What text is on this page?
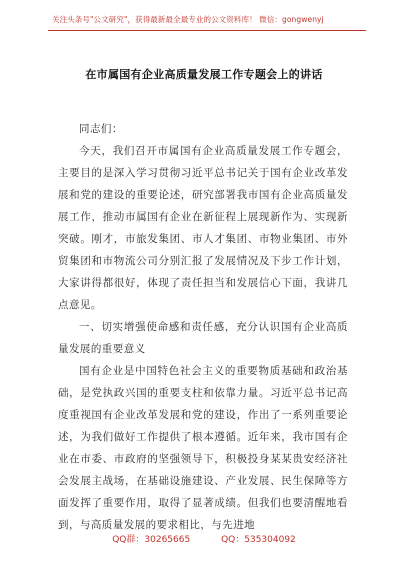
关注头条号"公文研究"，获得最新最全最专业的公文资料库！ 微信：gongwenyj
在市属国有企业高质量发展工作专题会上的讲话

同志们：

今天，我们召开市属国有企业高质量发展工作专题会，主要目的是深入学习贯彻习近平总书记关于国有企业改革发展和党的建设的重要论述，研究部署我市国有企业高质量发展工作，推动市属国有企业在新征程上展现新作为、实现新突破。刚才，市旅发集团、市人才集团、市物业集团、市外贸集团和市物流公司分别汇报了发展情况及下步工作计划，大家讲得都很好，体现了责任担当和发展信心下面，我讲几点意见。

一、切实增强使命感和责任感，充分认识国有企业高质量发展的重要意义

国有企业是中国特色社会主义的重要物质基础和政治基础，是党执政兴国的重要支柱和依靠力量。习近平总书记高度重视国有企业改革发展和党的建设，作出了一系列重要论述，为我们做好工作提供了根本遵循。近年来，我市国有企业在市委、市政府的坚强领导下，积极投身某某贵安经济社会发展主战场，在基础设施建设、产业发展、民生保障等方面发挥了重要作用，取得了显著成绩。但我们也要清醒地看到，与高质量发展的要求相比，与先进地

QQ群：30265665	QQ：535304092
